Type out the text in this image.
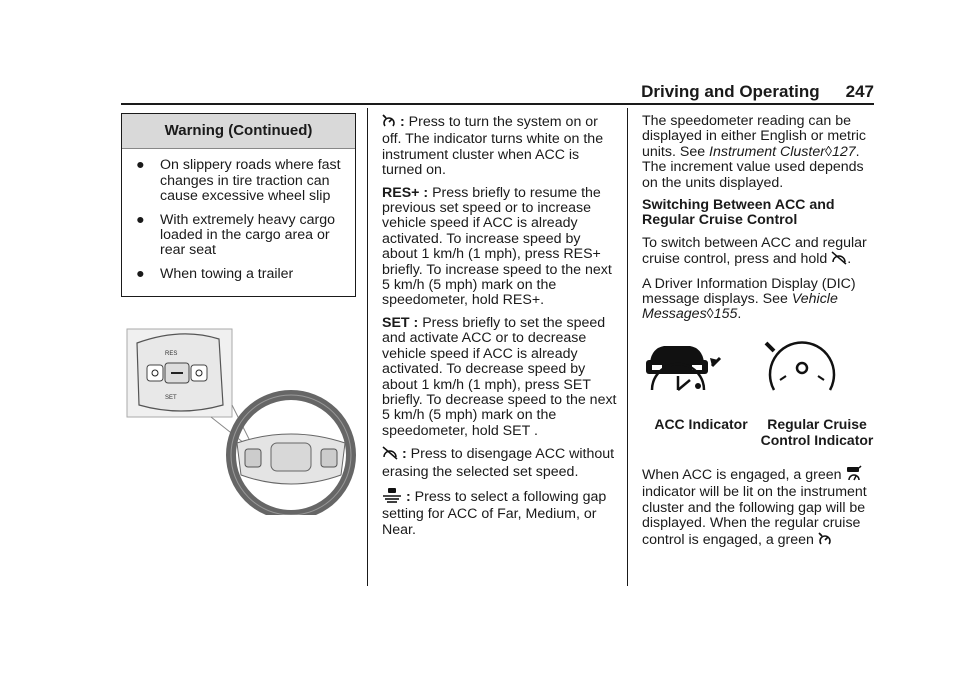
Driving and Operating 247
Warning (Continued)
●	On slippery roads where fast changes in tire traction can cause excessive wheel slip
●	With extremely heavy cargo loaded in the cargo area or rear seat
●	When towing a trailer
RES
SET

: Press to turn the system on or off. The indicator turns white on the instrument cluster when ACC is turned on.

RES+ : Press briefly to resume the previous set speed or to increase vehicle speed if ACC is already activated. To increase speed by about 1 km/h (1 mph), press RES+ briefly. To increase speed to the next 5 km/h (5 mph) mark on the speedometer, hold RES+.

SET : Press briefly to set the speed and activate ACC or to decrease vehicle speed if ACC is already activated. To decrease speed by about 1 km/h (1 mph), press SET briefly. To decrease speed to the next 5 km/h (5 mph) mark on the speedometer, hold SET .

: Press to disengage ACC without erasing the selected set speed.

: Press to select a following gap setting for ACC of Far, Medium, or Near.

The speedometer reading can be displayed in either English or metric units. See Instrument Cluster◊127. The increment value used depends on the units displayed.

Switching Between ACC and Regular Cruise Control

To switch between ACC and regular cruise control, press and hold .

A Driver Information Display (DIC) message displays. See Vehicle Messages◊155.

ACC Indicator	Regular Cruise Control Indicator

When ACC is engaged, a green  indicator will be lit on the instrument cluster and the following gap will be displayed. When the regular cruise control is engaged, a green
